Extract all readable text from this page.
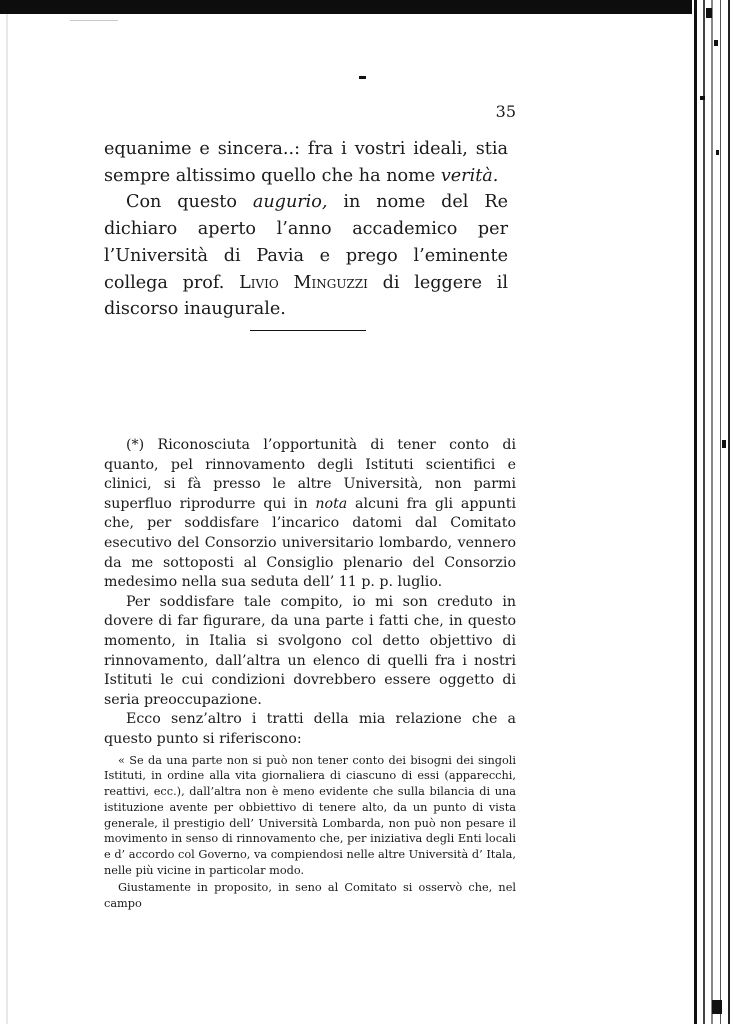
35

equanime e sincera..: fra i vostri ideali, stia sempre altissimo quello che ha nome verità.

Con questo augurio, in nome del Re dichiaro aperto l’anno accademico per l’Università di Pavia e prego l’eminente collega prof. Livio Minguzzi di leggere il discorso inaugurale.

(*) Riconosciuta l’opportunità di tener conto di quanto, pel rinnovamento degli Istituti scientifici e clinici, si fà presso le altre Università, non parmi superfluo riprodurre qui in nota alcuni fra gli appunti che, per soddisfare l’incarico datomi dal Comitato esecutivo del Consorzio universitario lombardo, vennero da me sottoposti al Consiglio plenario del Consorzio medesimo nella sua seduta dell’ 11 p. p. luglio.

Per soddisfare tale compito, io mi son creduto in dovere di far figurare, da una parte i fatti che, in questo momento, in Italia si svolgono col detto objettivo di rinnovamento, dall’altra un elenco di quelli fra i nostri Istituti le cui condizioni dovrebbero essere oggetto di seria preoccupazione.

Ecco senz’altro i tratti della mia relazione che a questo punto si riferiscono:

« Se da una parte non si può non tener conto dei bisogni dei singoli Istituti, in ordine alla vita giornaliera di ciascuno di essi (apparecchi, reattivi, ecc.), dall’altra non è meno evidente che sulla bilancia di una istituzione avente per obbiettivo di tenere alto, da un punto di vista generale, il prestigio dell’ Università Lombarda, non può non pesare il movimento in senso di rinnovamento che, per iniziativa degli Enti locali e d’ accordo col Governo, va compiendosi nelle altre Università d’ Itala, nelle più vicine in particolar modo.

Giustamente in proposito, in seno al Comitato si osservò che, nel campo
